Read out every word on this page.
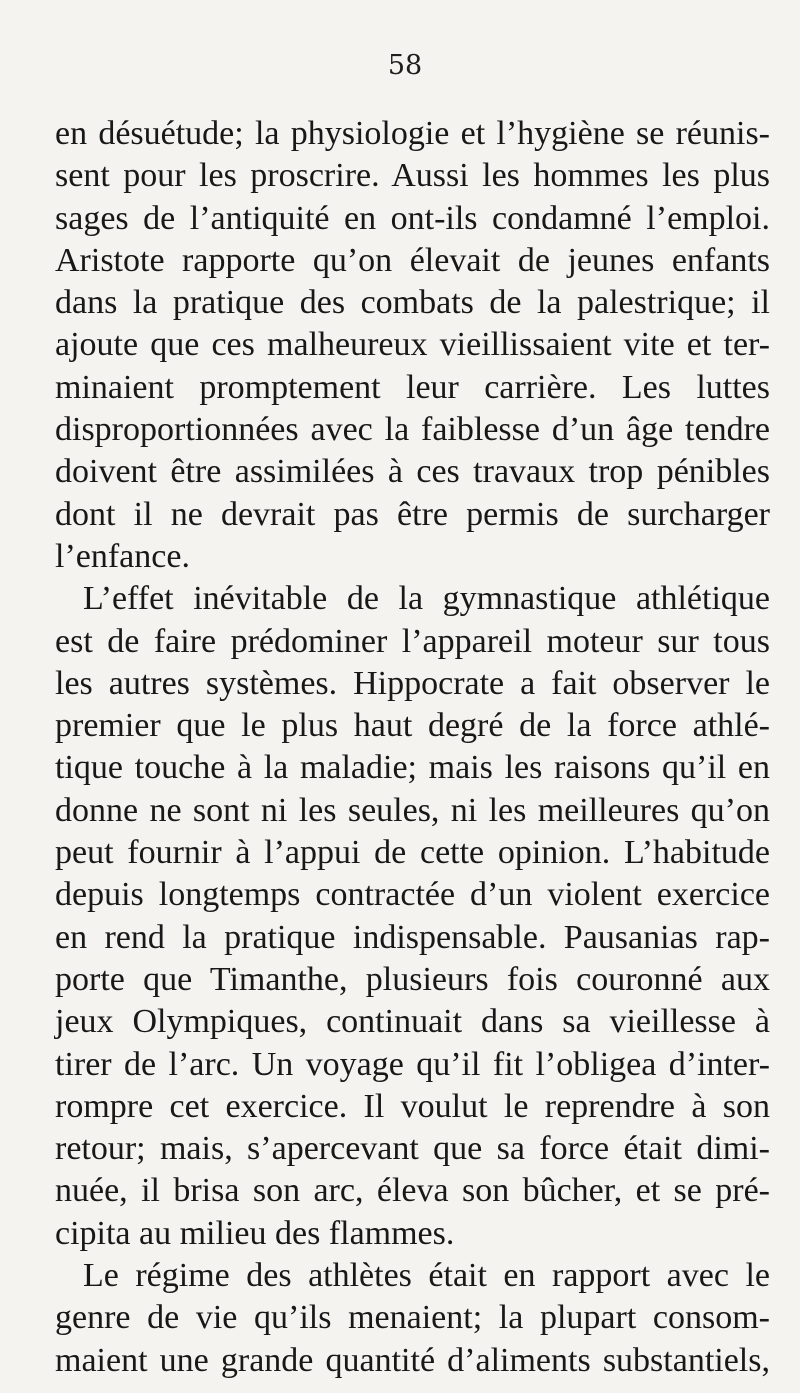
58
en désuétude; la physiologie et l’hygiène se réunis-
sent pour les proscrire. Aussi les hommes les plus
sages de l’antiquité en ont-ils condamné l’emploi.
Aristote rapporte qu’on élevait de jeunes enfants
dans la pratique des combats de la palestrique; il
ajoute que ces malheureux vieillissaient vite et ter-
minaient promptement leur carrière. Les luttes
disproportionnées avec la faiblesse d’un âge tendre
doivent être assimilées à ces travaux trop pénibles
dont il ne devrait pas être permis de surcharger
l’enfance.
L’effet inévitable de la gymnastique athlétique
est de faire prédominer l’appareil moteur sur tous
les autres systèmes. Hippocrate a fait observer le
premier que le plus haut degré de la force athlé-
tique touche à la maladie; mais les raisons qu’il en
donne ne sont ni les seules, ni les meilleures qu’on
peut fournir à l’appui de cette opinion. L’habitude
depuis longtemps contractée d’un violent exercice
en rend la pratique indispensable. Pausanias rap-
porte que Timanthe, plusieurs fois couronné aux
jeux Olympiques, continuait dans sa vieillesse à
tirer de l’arc. Un voyage qu’il fit l’obligea d’inter-
rompre cet exercice. Il voulut le reprendre à son
retour; mais, s’apercevant que sa force était dimi-
nuée, il brisa son arc, éleva son bûcher, et se pré-
cipita au milieu des flammes.
Le régime des athlètes était en rapport avec le
genre de vie qu’ils menaient; la plupart consom-
maient une grande quantité d’aliments substantiels,
